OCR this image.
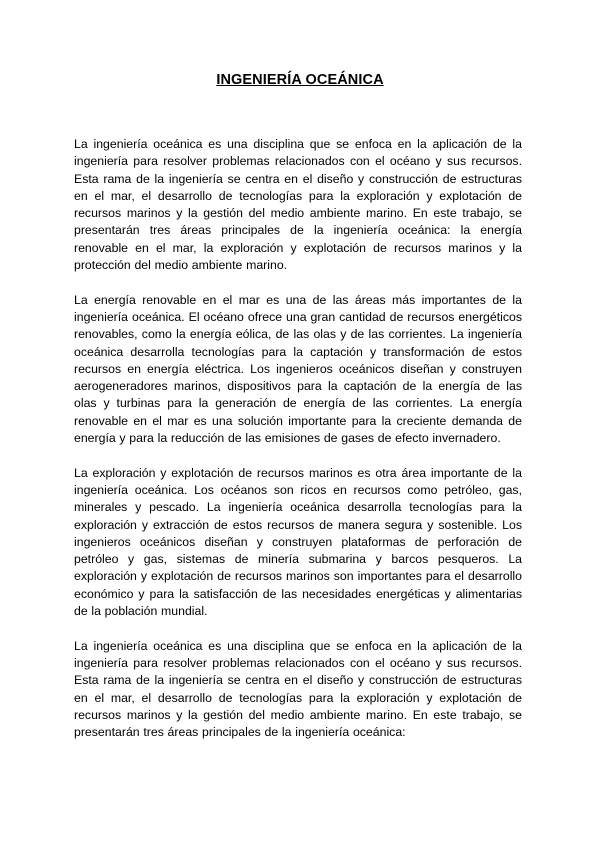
INGENIERÍA OCEÁNICA

La ingeniería oceánica es una disciplina que se enfoca en la aplicación de la ingeniería para resolver problemas relacionados con el océano y sus recursos. Esta rama de la ingeniería se centra en el diseño y construcción de estructuras en el mar, el desarrollo de tecnologías para la exploración y explotación de recursos marinos y la gestión del medio ambiente marino. En este trabajo, se presentarán tres áreas principales de la ingeniería oceánica: la energía renovable en el mar, la exploración y explotación de recursos marinos y la protección del medio ambiente marino.

La energía renovable en el mar es una de las áreas más importantes de la ingeniería oceánica. El océano ofrece una gran cantidad de recursos energéticos renovables, como la energía eólica, de las olas y de las corrientes. La ingeniería oceánica desarrolla tecnologías para la captación y transformación de estos recursos en energía eléctrica. Los ingenieros oceánicos diseñan y construyen aerogeneradores marinos, dispositivos para la captación de la energía de las olas y turbinas para la generación de energía de las corrientes. La energía renovable en el mar es una solución importante para la creciente demanda de energía y para la reducción de las emisiones de gases de efecto invernadero.

La exploración y explotación de recursos marinos es otra área importante de la ingeniería oceánica. Los océanos son ricos en recursos como petróleo, gas, minerales y pescado. La ingeniería oceánica desarrolla tecnologías para la exploración y extracción de estos recursos de manera segura y sostenible. Los ingenieros oceánicos diseñan y construyen plataformas de perforación de petróleo y gas, sistemas de minería submarina y barcos pesqueros. La exploración y explotación de recursos marinos son importantes para el desarrollo económico y para la satisfacción de las necesidades energéticas y alimentarias de la población mundial.

La ingeniería oceánica es una disciplina que se enfoca en la aplicación de la ingeniería para resolver problemas relacionados con el océano y sus recursos. Esta rama de la ingeniería se centra en el diseño y construcción de estructuras en el mar, el desarrollo de tecnologías para la exploración y explotación de recursos marinos y la gestión del medio ambiente marino. En este trabajo, se presentarán tres áreas principales de la ingeniería oceánica:
